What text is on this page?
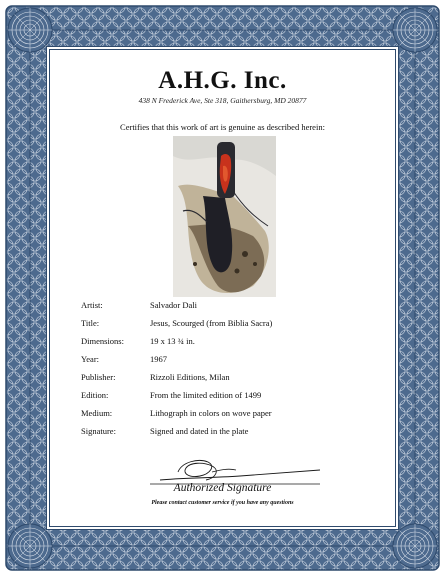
A.H.G. Inc.
438 N Frederick Ave, Ste 318, Gaithersburg, MD 20877
Certifies that this work of art is genuine as described herein:
Artist:	Salvador Dali
Title:	Jesus, Scourged (from Biblia Sacra)
Dimensions:	19 x 13 ¾ in.
Year:	1967
Publisher:	Rizzoli Editions, Milan
Edition:	From the limited edition of 1499
Medium:	Lithograph in colors on wove paper
Signature:	Signed and dated in the plate
Authorized Signature
Please contact customer service if you have any questions
